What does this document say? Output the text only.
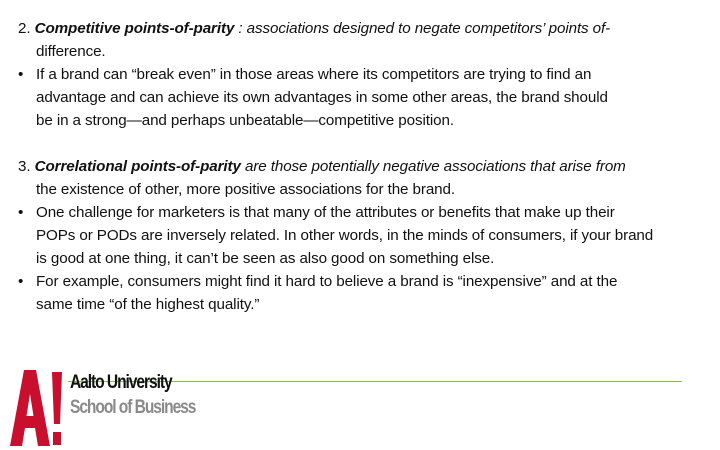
2. Competitive points-of-parity : associations designed to negate competitors’ points of-
difference.
• If a brand can “break even” in those areas where its competitors are trying to find an
advantage and can achieve its own advantages in some other areas, the brand should
be in a strong—and perhaps unbeatable—competitive position.
3. Correlational points-of-parity are those potentially negative associations that arise from
the existence of other, more positive associations for the brand.
• One challenge for marketers is that many of the attributes or benefits that make up their
POPs or PODs are inversely related. In other words, in the minds of consumers, if your brand
is good at one thing, it can’t be seen as also good on something else.
• For example, consumers might find it hard to believe a brand is “inexpensive” and at the
same time “of the highest quality.”
Aalto University
School of Business
